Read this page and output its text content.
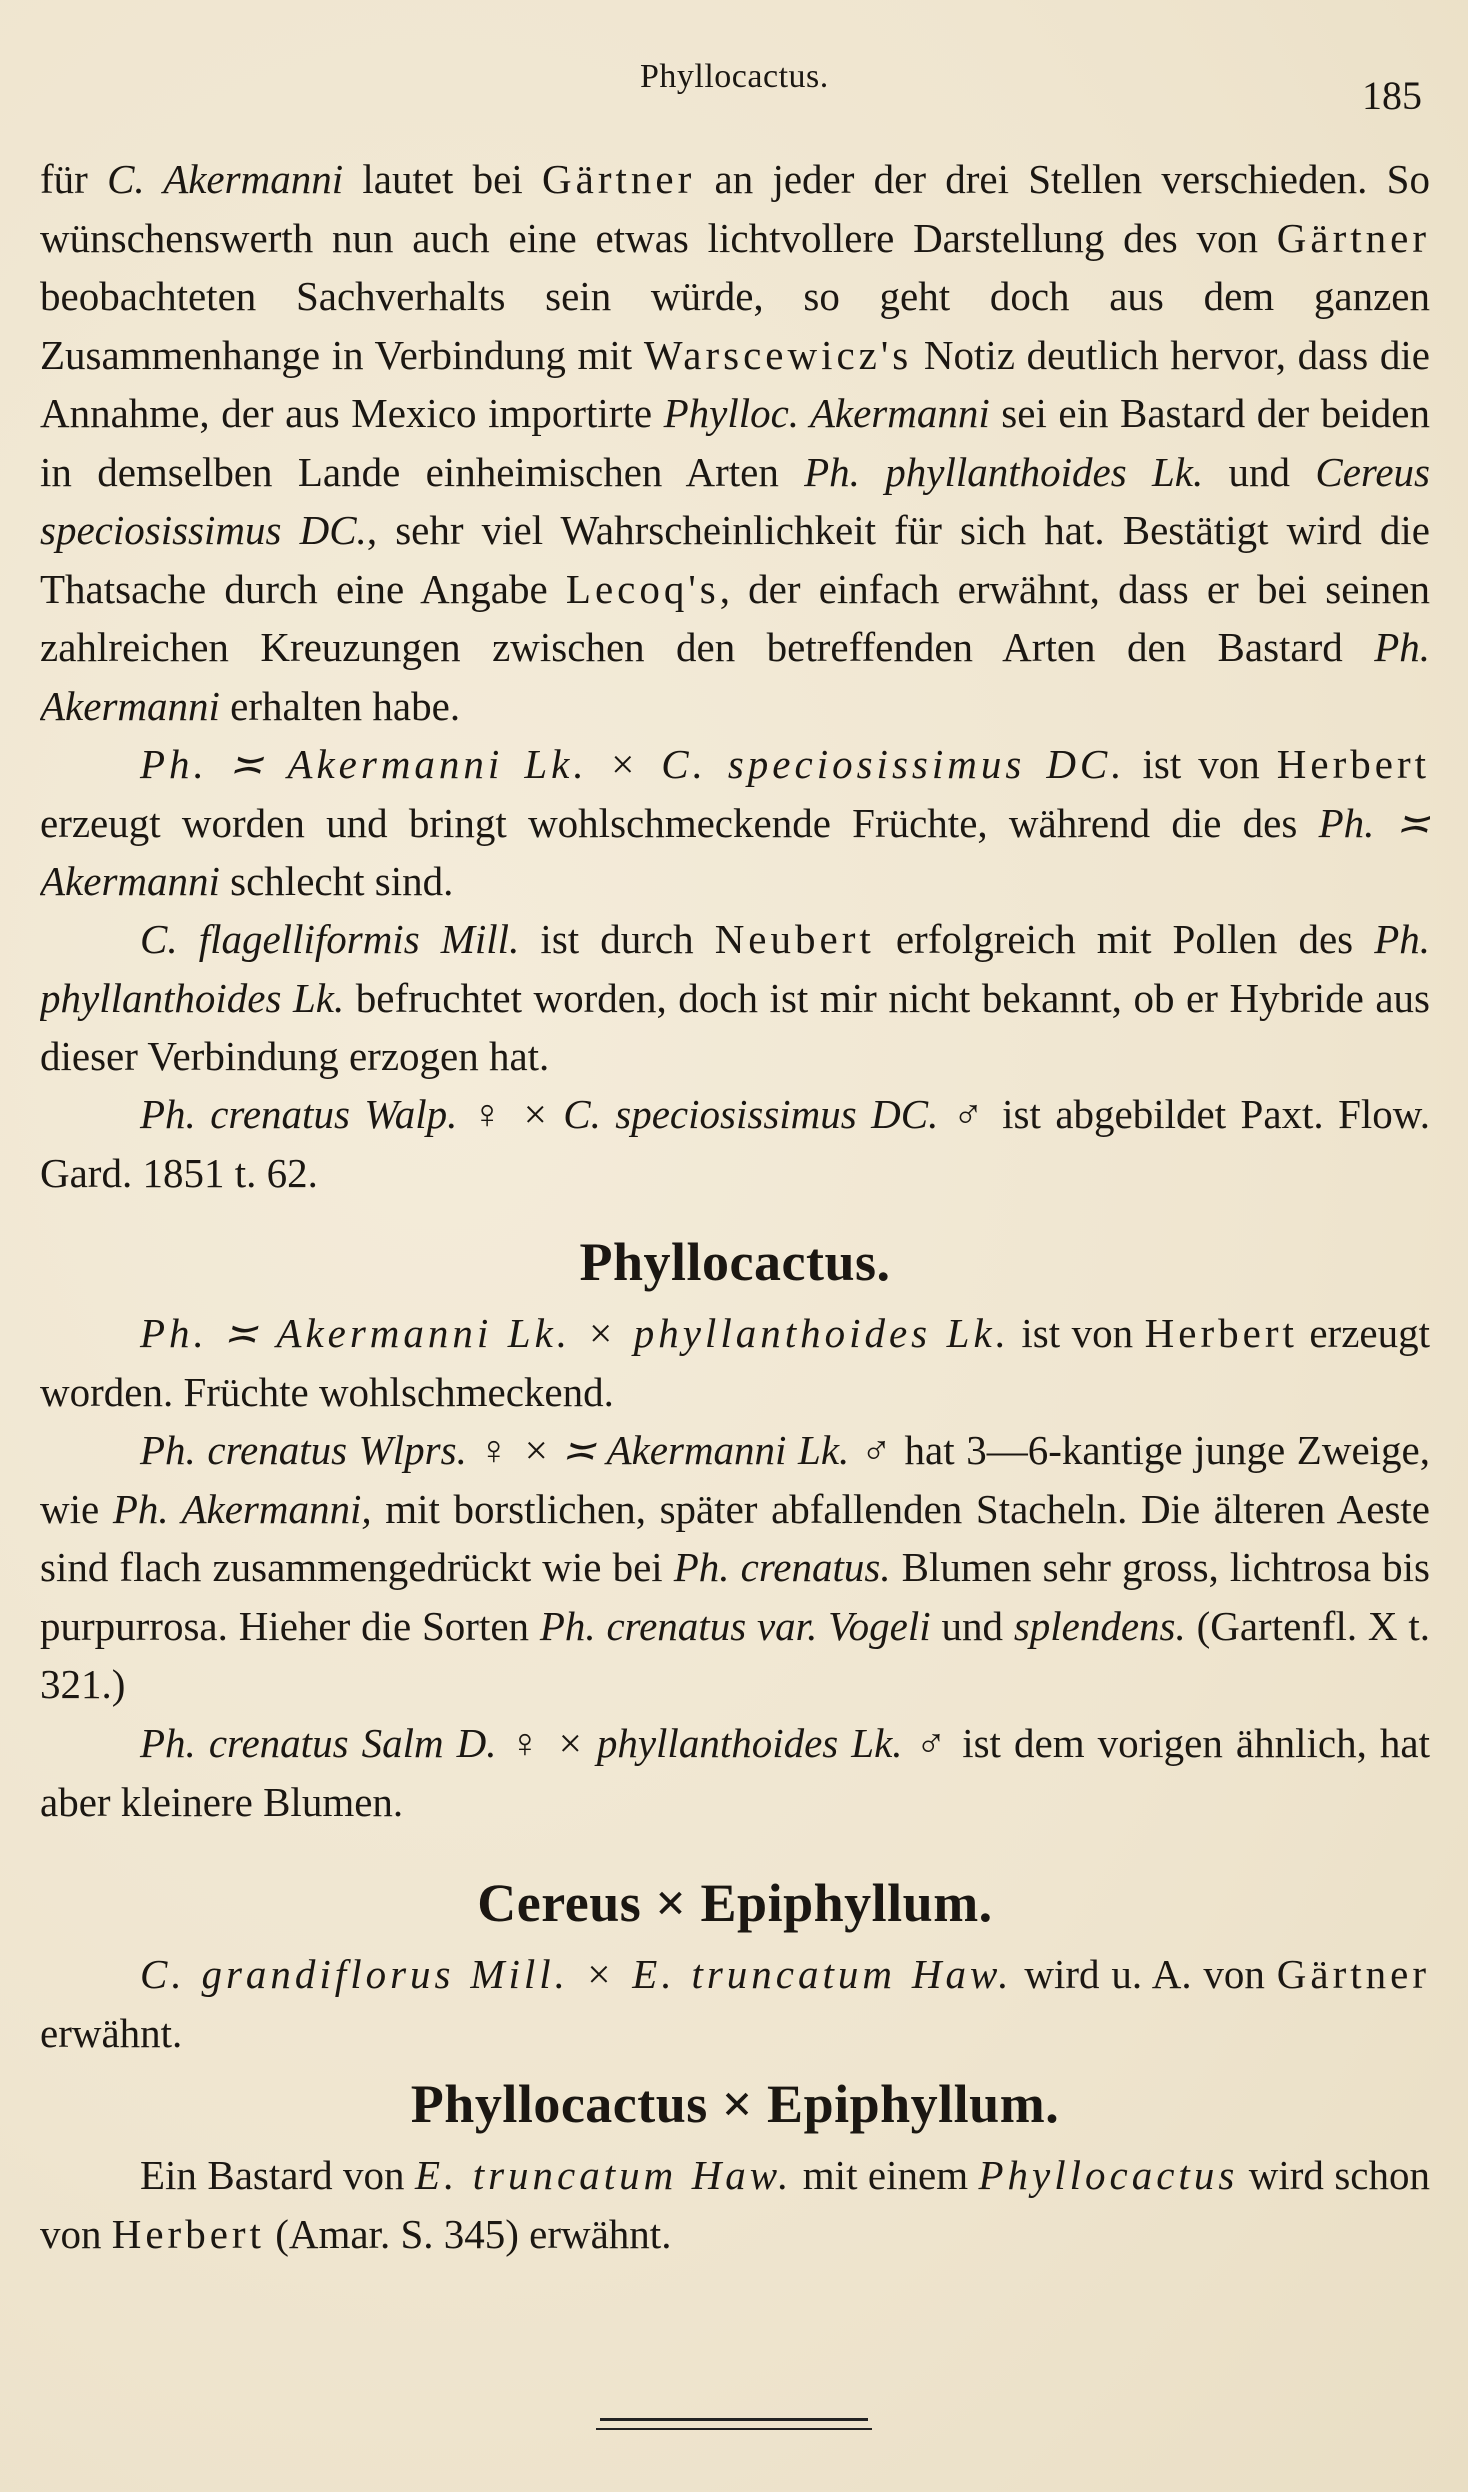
Phyllocactus.	185

für C. Akermanni lautet bei Gärtner an jeder der drei Stellen verschieden. So wünschenswerth nun auch eine etwas lichtvollere Darstellung des von Gärtner beobachteten Sachverhalts sein würde, so geht doch aus dem ganzen Zusammenhange in Verbindung mit Warscewicz's Notiz deutlich hervor, dass die Annahme, der aus Mexico importirte Phylloc. Akermanni sei ein Bastard der beiden in demselben Lande einheimischen Arten Ph. phyllanthoides Lk. und Cereus speciosissimus DC., sehr viel Wahrscheinlichkeit für sich hat. Bestätigt wird die Thatsache durch eine Angabe Lecoq's, der einfach erwähnt, dass er bei seinen zahlreichen Kreuzungen zwischen den betreffenden Arten den Bastard Ph. Akermanni erhalten habe.

Ph. ≍ Akermanni Lk. × C. speciosissimus DC. ist von Herbert erzeugt worden und bringt wohlschmeckende Früchte, während die des Ph. ≍ Akermanni schlecht sind.

C. flagelliformis Mill. ist durch Neubert erfolgreich mit Pollen des Ph. phyllanthoides Lk. befruchtet worden, doch ist mir nicht bekannt, ob er Hybride aus dieser Verbindung erzogen hat.

Ph. crenatus Walp. ♀ × C. speciosissimus DC. ♂ ist abgebildet Paxt. Flow. Gard. 1851 t. 62.

Phyllocactus.

Ph. ≍ Akermanni Lk. × phyllanthoides Lk. ist von Herbert erzeugt worden. Früchte wohlschmeckend.

Ph. crenatus Wlprs. ♀ × ≍ Akermanni Lk. ♂ hat 3—6-kantige junge Zweige, wie Ph. Akermanni, mit borstlichen, später abfallenden Stacheln. Die älteren Aeste sind flach zusammengedrückt wie bei Ph. crenatus. Blumen sehr gross, lichtrosa bis purpurrosa. Hieher die Sorten Ph. crenatus var. Vogeli und splendens. (Gartenfl. X t. 321.)

Ph. crenatus Salm D. ♀ × phyllanthoides Lk. ♂ ist dem vorigen ähnlich, hat aber kleinere Blumen.

Cereus × Epiphyllum.

C. grandiflorus Mill. × E. truncatum Haw. wird u. A. von Gärtner erwähnt.

Phyllocactus × Epiphyllum.

Ein Bastard von E. truncatum Haw. mit einem Phyllocactus wird schon von Herbert (Amar. S. 345) erwähnt.
